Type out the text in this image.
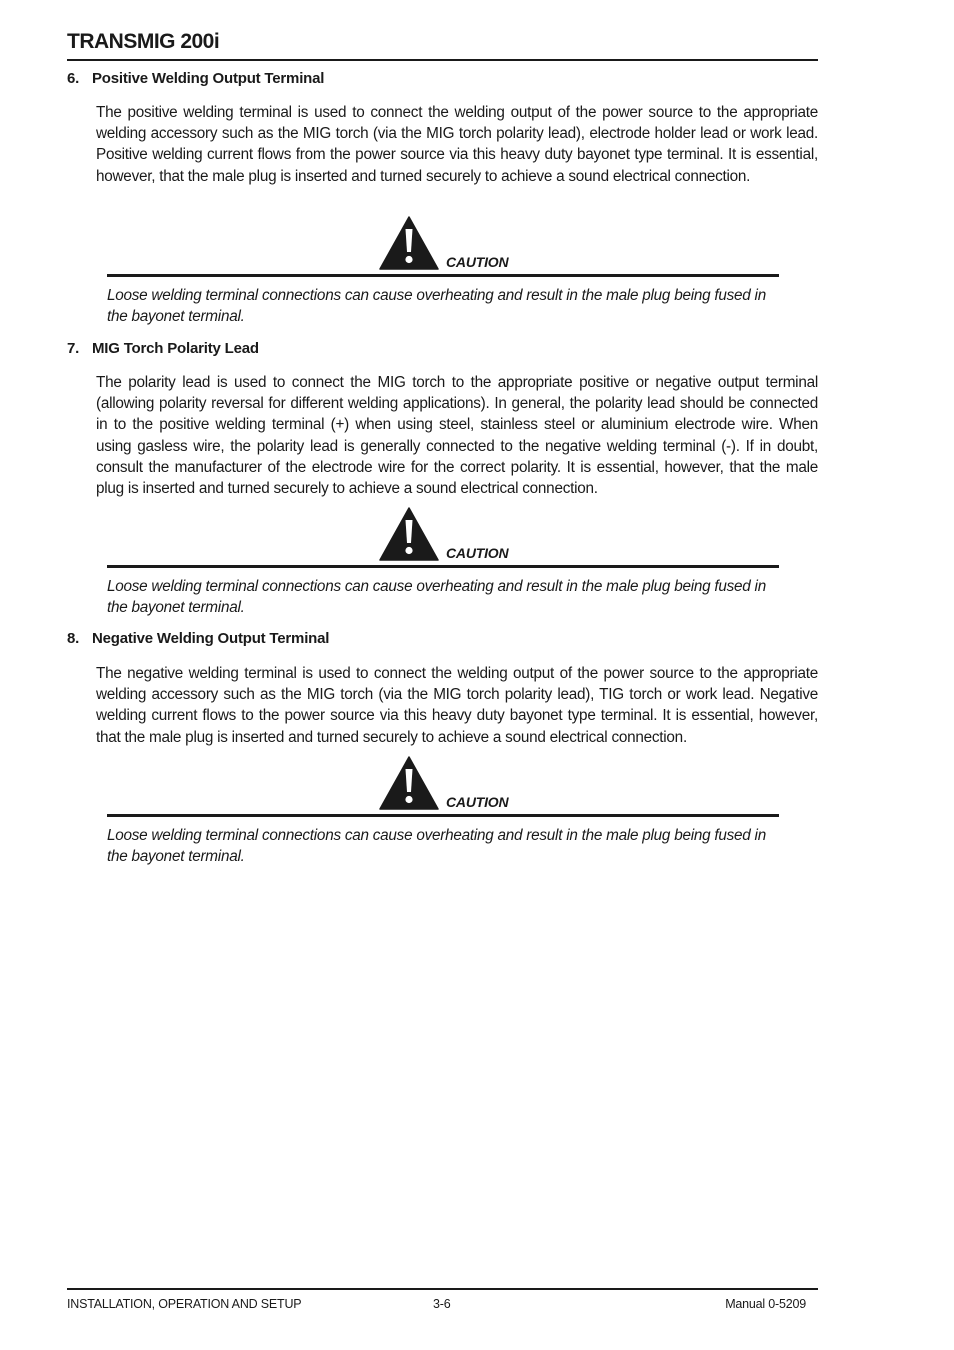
TRANSMIG 200i
6. Positive Welding Output Terminal
The positive welding terminal is used to connect the welding output of the power source to the appropriate welding accessory such as the MIG torch (via the MIG torch polarity lead), electrode holder lead or work lead. Positive welding current flows from the power source via this heavy duty bayonet type terminal. It is essential, however, that the male plug is inserted and turned securely to achieve a sound electrical connection.
CAUTION
Loose welding terminal connections can cause overheating and result in the male plug being fused in the bayonet terminal.
7. MIG Torch Polarity Lead
The polarity lead is used to connect the MIG torch to the appropriate positive or negative output terminal (allowing polarity reversal for different welding applications). In general, the polarity lead should be connected in to the positive welding terminal (+) when using steel, stainless steel or aluminium electrode wire. When using gasless wire, the polarity lead is generally connected to the negative welding terminal (-). If in doubt, consult the manufacturer of the electrode wire for the correct polarity. It is essential, however, that the male plug is inserted and turned securely to achieve a sound electrical connection.
CAUTION
Loose welding terminal connections can cause overheating and result in the male plug being fused in the bayonet terminal.
8. Negative Welding Output Terminal
The negative welding terminal is used to connect the welding output of the power source to the appropriate welding accessory such as the MIG torch (via the MIG torch polarity lead), TIG torch or work lead. Negative welding current flows to the power source via this heavy duty bayonet type terminal. It is essential, however, that the male plug is inserted and turned securely to achieve a sound electrical connection.
CAUTION
Loose welding terminal connections can cause overheating and result in the male plug being fused in the bayonet terminal.
INSTALLATION, OPERATION AND SETUP	3-6	Manual 0-5209
